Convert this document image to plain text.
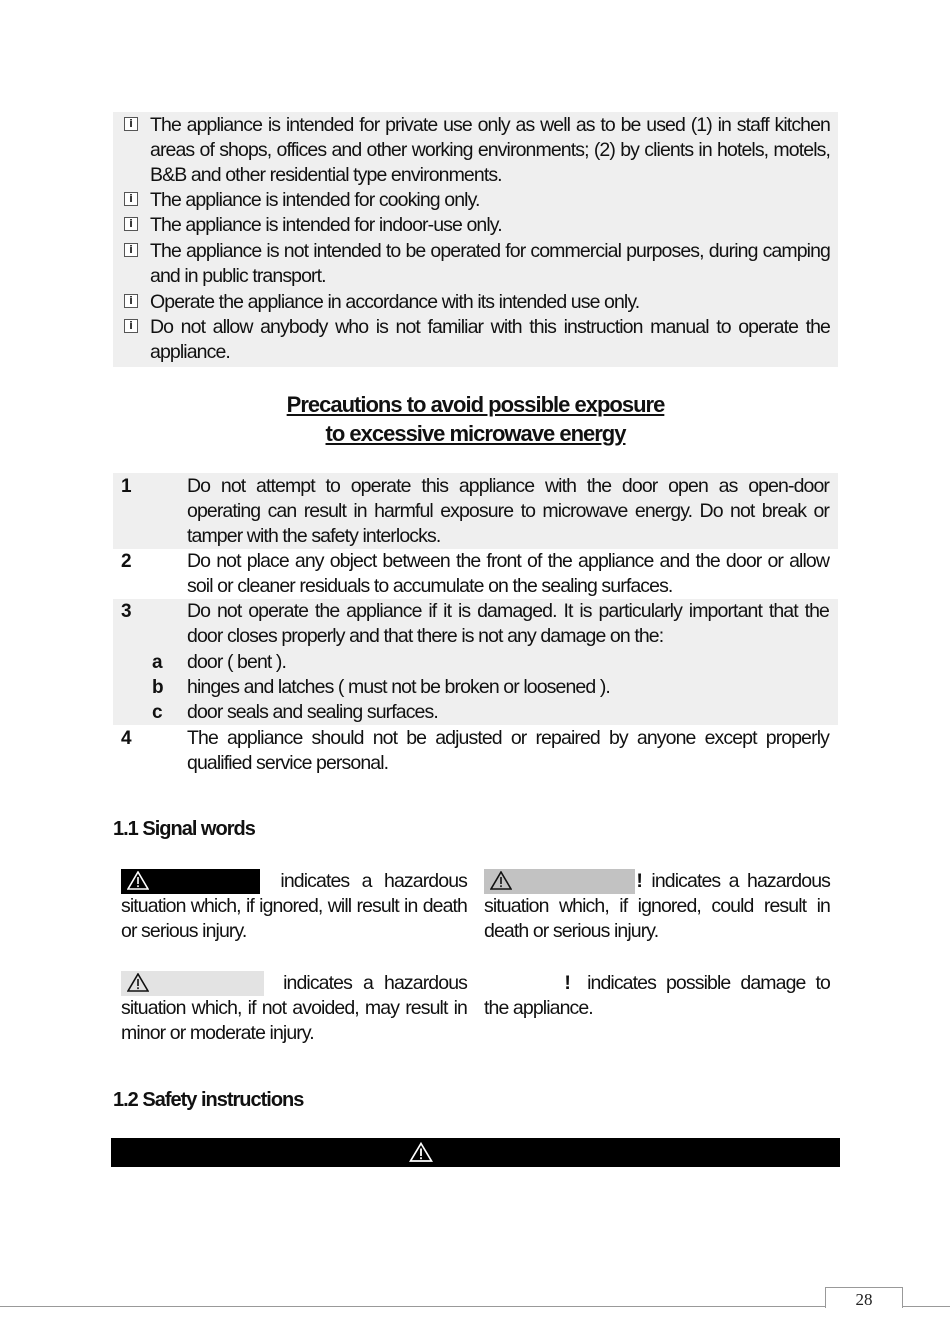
i The appliance is intended for private use only as well as to be used (1) in staff kitchen areas of shops, offices and other working environments; (2) by clients in hotels, motels, B&B and other residential type environments.
i The appliance is intended for cooking only.
i The appliance is intended for indoor-use only.
i The appliance is not intended to be operated for commercial purposes, during camping and in public transport.
i Operate the appliance in accordance with its intended use only.
i Do not allow anybody who is not familiar with this instruction manual to operate the appliance.
Precautions to avoid possible exposure
to excessive microwave energy
1	Do not attempt to operate this appliance with the door open as open-door operating can result in harmful exposure to microwave energy. Do not break or tamper with the safety interlocks.
2	Do not place any object between the front of the appliance and the door or allow soil or cleaner residuals to accumulate on the sealing surfaces.
3	Do not operate the appliance if it is damaged. It is particularly important that the door closes properly and that there is not any damage on the:
a door ( bent ).
b hinges and latches ( must not be broken or loosened ).
c door seals and sealing surfaces.
4	The appliance should not be adjusted or repaired by anyone except properly qualified service personal.
1.1 Signal words
indicates a hazardous situation which, if ignored, will result in death or serious injury.
! indicates a hazardous situation which, if ignored, could result in death or serious injury.
indicates a hazardous situation which, if not avoided, may result in minor or moderate injury.
! indicates possible damage to the appliance.
1.2 Safety instructions
28
